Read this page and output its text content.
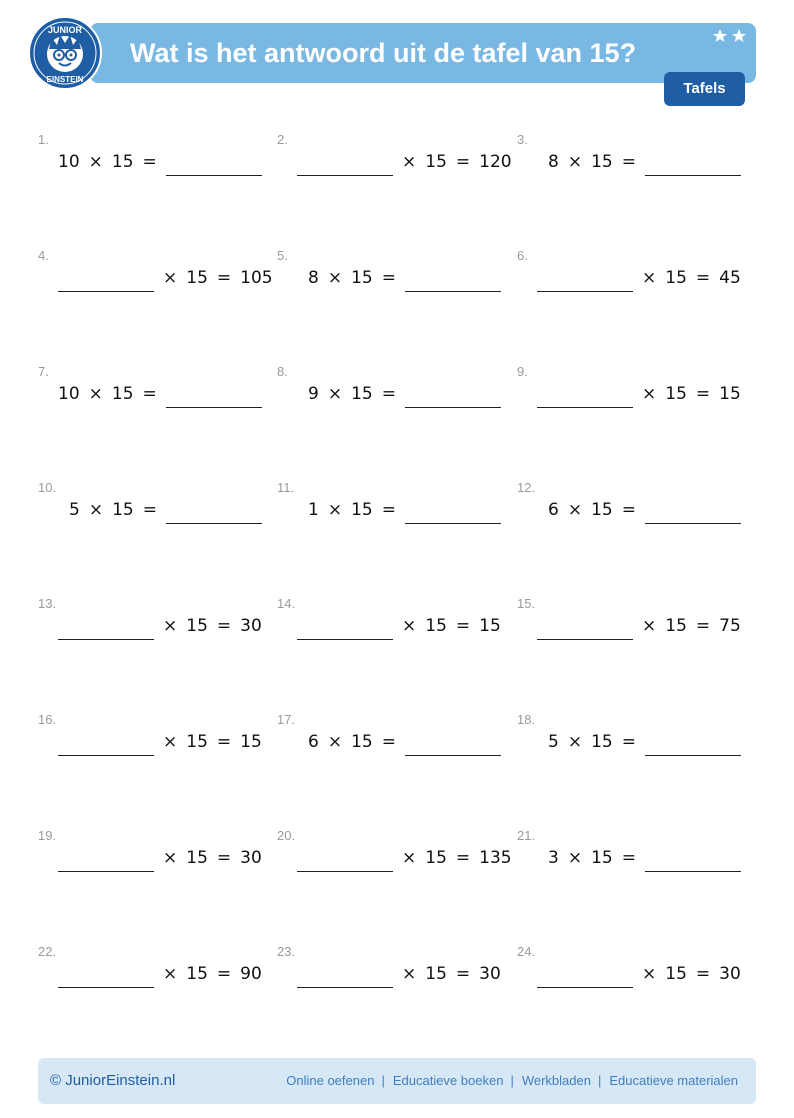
JUNIOR
EINSTEIN
Wat is het antwoord uit de tafel van 15?
Tafels
1.
10 × 15 =
2.
× 15 = 120
3.
8 × 15 =
4.
× 15 = 105
5.
8 × 15 =
6.
× 15 = 45
7.
10 × 15 =
8.
9 × 15 =
9.
× 15 = 15
10.
5 × 15 =
11.
1 × 15 =
12.
6 × 15 =
13.
× 15 = 30
14.
× 15 = 15
15.
× 15 = 75
16.
× 15 = 15
17.
6 × 15 =
18.
5 × 15 =
19.
× 15 = 30
20.
× 15 = 135
21.
3 × 15 =
22.
× 15 = 90
23.
× 15 = 30
24.
× 15 = 30
© JuniorEinstein.nl	Online oefenen | Educatieve boeken | Werkbladen | Educatieve materialen
